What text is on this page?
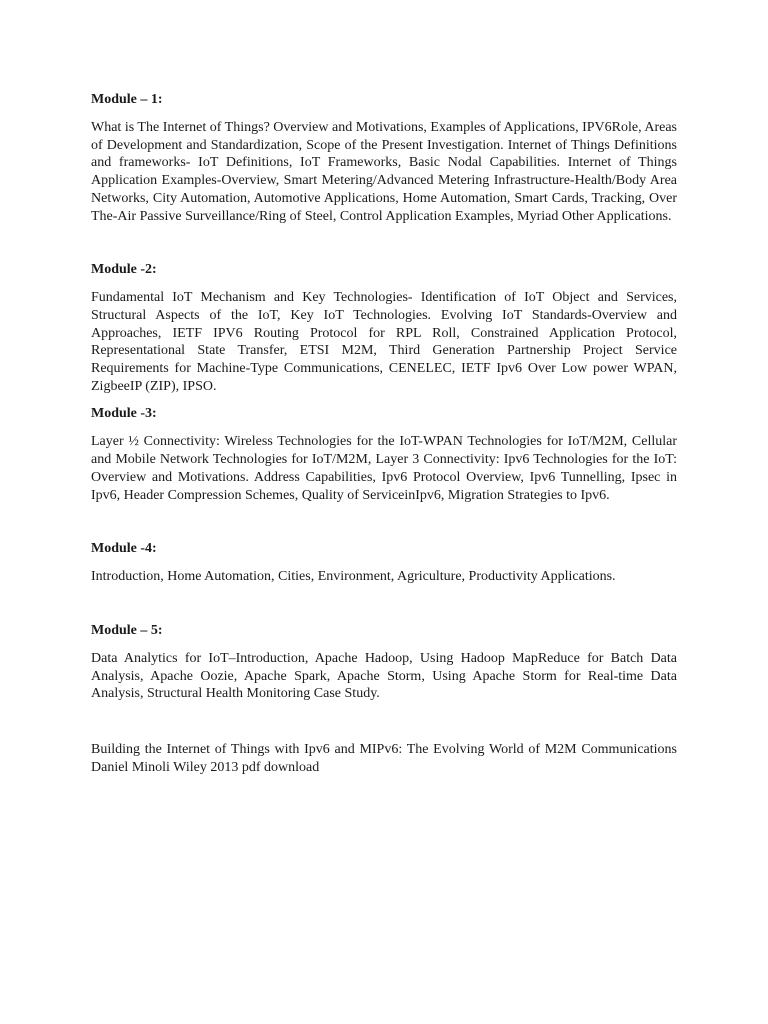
Module – 1:

What is The Internet of Things? Overview and Motivations, Examples of Applications, IPV6Role, Areas of Development and Standardization, Scope of the Present Investigation. Internet of Things Definitions and frameworks- IoT Definitions, IoT Frameworks, Basic Nodal Capabilities. Internet of Things Application Examples-Overview, Smart Metering/Advanced Metering Infrastructure-Health/Body Area Networks, City Automation, Automotive Applications, Home Automation, Smart Cards, Tracking, Over The-Air Passive Surveillance/Ring of Steel, Control Application Examples, Myriad Other Applications.

Module -2:

Fundamental IoT Mechanism and Key Technologies- Identification of IoT Object and Services, Structural Aspects of the IoT, Key IoT Technologies. Evolving IoT Standards-Overview and Approaches, IETF IPV6 Routing Protocol for RPL Roll, Constrained Application Protocol, Representational State Transfer, ETSI M2M, Third Generation Partnership Project Service Requirements for Machine-Type Communications, CENELEC, IETF Ipv6 Over Low power WPAN, ZigbeeIP (ZIP), IPSO.

Module -3:

Layer ½ Connectivity: Wireless Technologies for the IoT-WPAN Technologies for IoT/M2M, Cellular and Mobile Network Technologies for IoT/M2M, Layer 3 Connectivity: Ipv6 Technologies for the IoT: Overview and Motivations. Address Capabilities, Ipv6 Protocol Overview, Ipv6 Tunnelling, Ipsec in Ipv6, Header Compression Schemes, Quality of ServiceinIpv6, Migration Strategies to Ipv6.

Module -4:

Introduction, Home Automation, Cities, Environment, Agriculture, Productivity Applications.

Module – 5:

Data Analytics for IoT–Introduction, Apache Hadoop, Using Hadoop MapReduce for Batch Data Analysis, Apache Oozie, Apache Spark, Apache Storm, Using Apache Storm for Real-time Data Analysis, Structural Health Monitoring Case Study.

Building the Internet of Things with Ipv6 and MIPv6: The Evolving World of M2M Communications Daniel Minoli Wiley 2013 pdf download
